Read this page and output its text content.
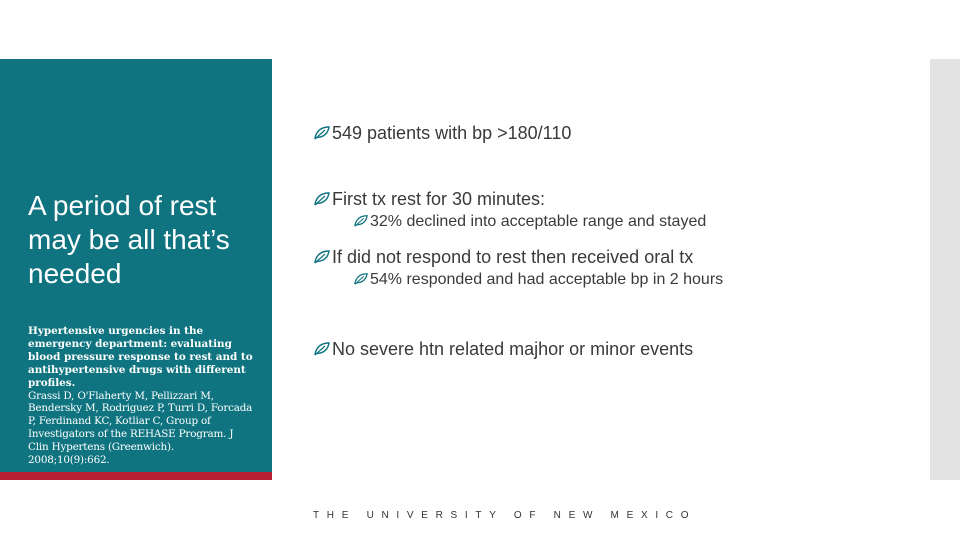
A period of rest may be all that’s needed
Hypertensive urgencies in the emergency department: evaluating blood pressure response to rest and to antihypertensive drugs with different profiles.
Grassi D, O'Flaherty M, Pellizzari M, Bendersky M, Rodriguez P, Turri D, Forcada P, Ferdinand KC, Kotliar C, Group of Investigators of the REHASE Program. J Clin Hypertens (Greenwich). 2008;10(9):662.
549 patients with bp >180/110
First tx rest for 30 minutes:
32% declined into acceptable range and stayed
If did not respond to rest then received oral tx
54% responded and had acceptable bp in 2 hours
No severe htn related majhor or minor events
THE UNIVERSITY OF NEW MEXICO
